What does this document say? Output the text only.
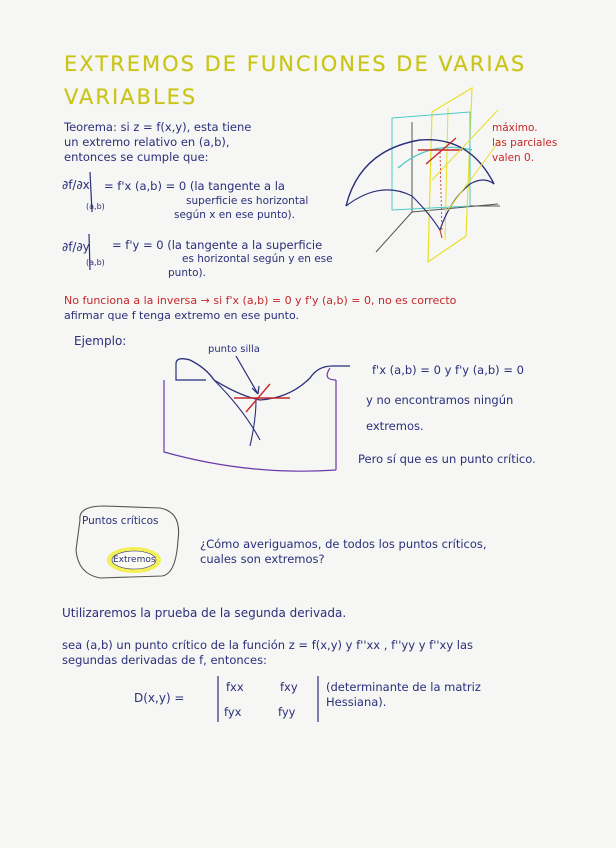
EXTREMOS DE FUNCIONES DE VARIAS
VARIABLES
Teorema: si z = f(x,y), esta tiene
un extremo relativo en (a,b),
entonces se cumple que:
∂f/∂x
(a,b)
= f'x (a,b) = 0 (la tangente a la
superficie es horizontal
según x en ese punto).
∂f/∂y
(a,b)
= f'y = 0 (la tangente a la superficie
es horizontal según y en ese
punto).
máximo.
las parciales
valen 0.
No funciona a la inversa → si f'x (a,b) = 0 y f'y (a,b) = 0, no es correcto
afirmar que f tenga extremo en ese punto.
Ejemplo:
punto silla
f'x (a,b) = 0 y f'y (a,b) = 0
y no encontramos ningún
extremos.
Pero sí que es un punto crítico.
Puntos críticos
Extremos
¿Cómo averiguamos, de todos los puntos críticos,
cuales son extremos?
Utilizaremos la prueba de la segunda derivada.
sea (a,b) un punto crítico de la función z = f(x,y) y f''xx , f''yy y f''xy las
segundas derivadas de f, entonces:
D(x,y) =
fxx	fxy
fyx	fyy
(determinante de la matriz
Hessiana).
